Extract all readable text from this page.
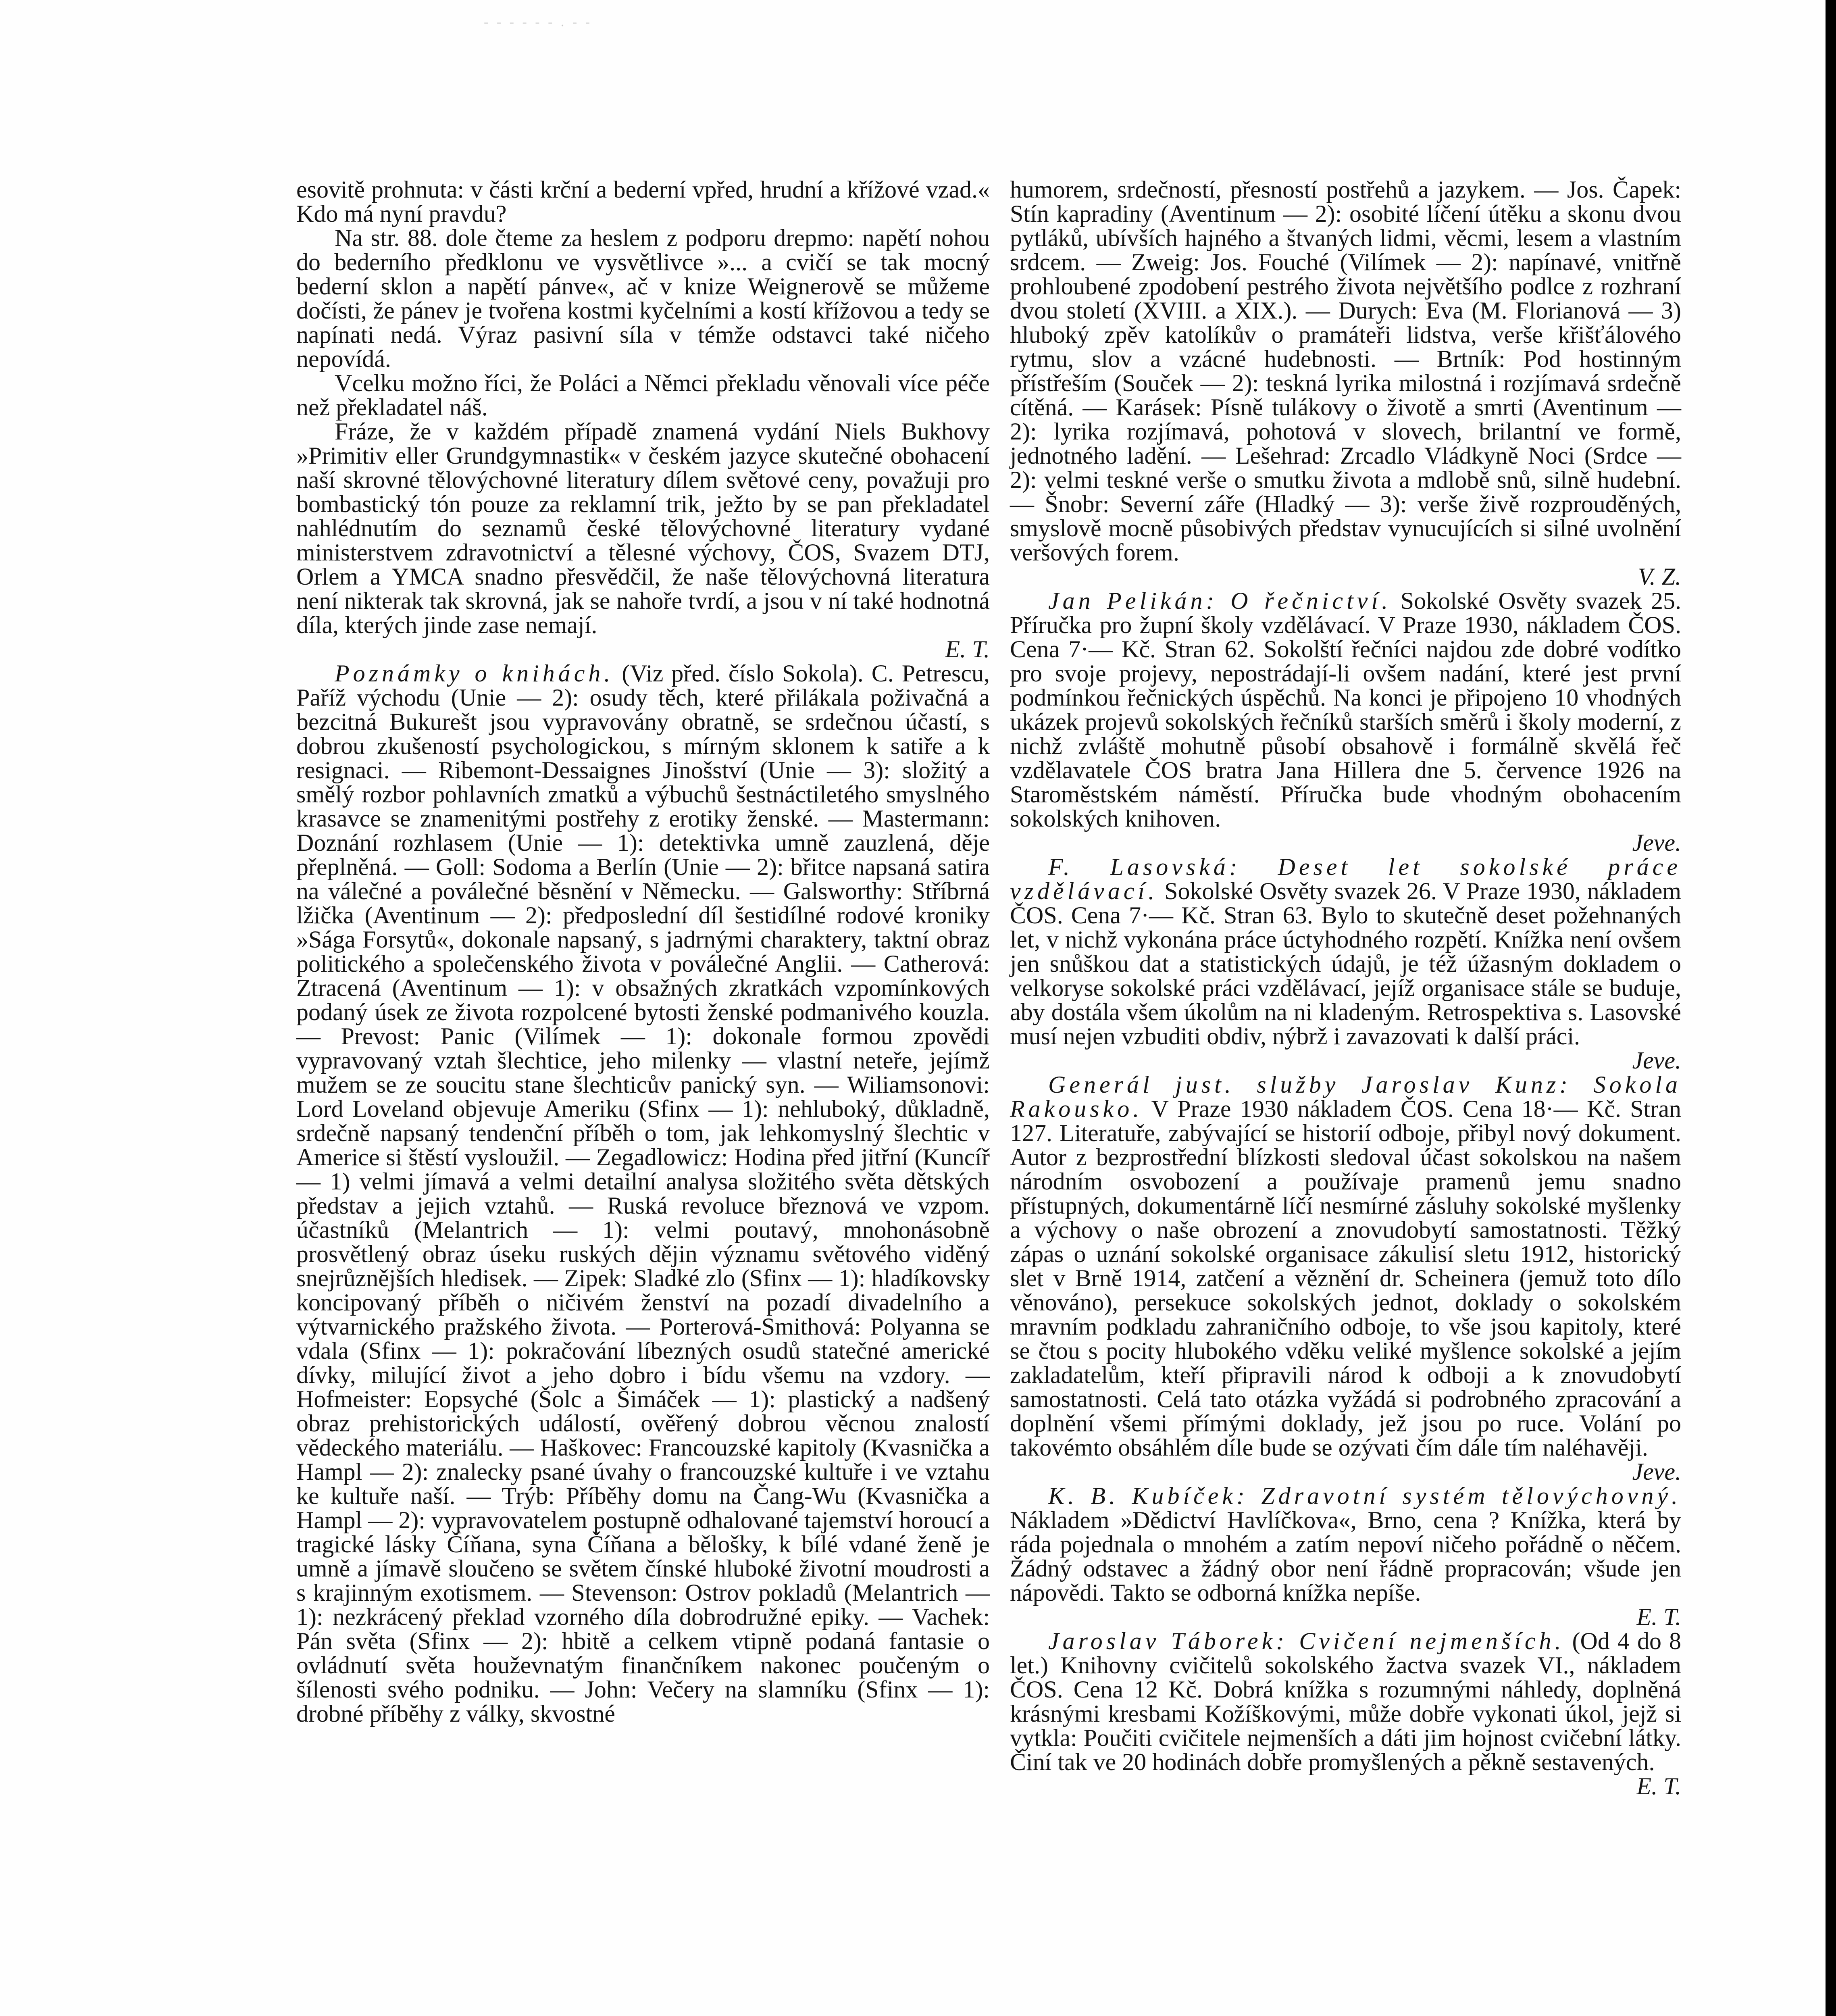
- - - - - - . - -

esovitě prohnuta: v části krční a bederní vpřed, hrudní a křížové vzad.« Kdo má nyní pravdu?

Na str. 88. dole čteme za heslem z podporu drepmo: napětí nohou do bederního předklonu ve vysvětlivce »... a cvičí se tak mocný bederní sklon a napětí pánve«, ač v knize Weignerově se můžeme dočísti, že pánev je tvořena kostmi kyčelními a kostí křížovou a tedy se napínati nedá. Výraz pasivní síla v témže odstavci také ničeho nepovídá.

Vcelku možno říci, že Poláci a Němci překladu věnovali více péče než překladatel náš.

Fráze, že v každém případě znamená vydání Niels Bukhovy »Primitiv eller Grundgymnastik« v českém jazyce skutečné obohacení naší skrovné tělovýchovné literatury dílem světové ceny, považuji pro bombastický tón pouze za reklamní trik, ježto by se pan překladatel nahlédnutím do seznamů české tělovýchovné literatury vydané ministerstvem zdravotnictví a tělesné výchovy, ČOS, Svazem DTJ, Orlem a YMCA snadno přesvědčil, že naše tělovýchovná literatura není nikterak tak skrovná, jak se nahoře tvrdí, a jsou v ní také hodnotná díla, kterých jinde zase nemají.

E. T.

Poznámky o knihách. (Viz před. číslo Sokola). C. Petrescu, Paříž východu (Unie — 2): osudy těch, které přilákala poživačná a bezcitná Bukurešt jsou vypravovány obratně, se srdečnou účastí, s dobrou zkušeností psychologickou, s mírným sklonem k satiře a k resignaci. — Ribemont-Dessaignes Jinošství (Unie — 3): složitý a smělý rozbor pohlavních zmatků a výbuchů šestnáctiletého smyslného krasavce se znamenitými postřehy z erotiky ženské. — Mastermann: Doznání rozhlasem (Unie — 1): detektivka umně zauzlená, děje přeplněná. — Goll: Sodoma a Berlín (Unie — 2): břitce napsaná satira na válečné a poválečné běsnění v Německu. — Galsworthy: Stříbrná lžička (Aventinum — 2): předposlední díl šestidílné rodové kroniky »Sága Forsytů«, dokonale napsaný, s jadrnými charaktery, taktní obraz politického a společenského života v poválečné Anglii. — Catherová: Ztracená (Aventinum — 1): v obsažných zkratkách vzpomínkových podaný úsek ze života rozpolcené bytosti ženské podmanivého kouzla. — Prevost: Panic (Vilímek — 1): dokonale formou zpovědi vypravovaný vztah šlechtice, jeho milenky — vlastní neteře, jejímž mužem se ze soucitu stane šlechticův panický syn. — Wiliamsonovi: Lord Loveland objevuje Ameriku (Sfinx — 1): nehluboký, důkladně, srdečně napsaný tendenční příběh o tom, jak lehkomyslný šlechtic v Americe si štěstí vysloužil. — Zegadlowicz: Hodina před jitřní (Kuncíř — 1) velmi jímavá a velmi detailní analysa složitého světa dětských představ a jejich vztahů. — Ruská revoluce březnová ve vzpom. účastníků (Melantrich — 1): velmi poutavý, mnohonásobně prosvětlený obraz úseku ruských dějin významu světového viděný snejrůznějších hledisek. — Zipek: Sladké zlo (Sfinx — 1): hladíkovsky koncipovaný příběh o ničivém ženství na pozadí divadelního a výtvarnického pražského života. — Porterová-Smithová: Polyanna se vdala (Sfinx — 1): pokračování líbezných osudů statečné americké dívky, milující život a jeho dobro i bídu všemu na vzdory. — Hofmeister: Eopsyché (Šolc a Šimáček — 1): plastický a nadšený obraz prehistorických událostí, ověřený dobrou věcnou znalostí vědeckého materiálu. — Haškovec: Francouzské kapitoly (Kvasnička a Hampl — 2): znalecky psané úvahy o francouzské kultuře i ve vztahu ke kultuře naší. — Trýb: Příběhy domu na Čang-Wu (Kvasnička a Hampl — 2): vypravovatelem postupně odhalované tajemství horoucí a tragické lásky Číňana, syna Číňana a bělošky, k bílé vdané ženě je umně a jímavě sloučeno se světem čínské hluboké životní moudrosti a s krajinným exotismem. — Stevenson: Ostrov pokladů (Melantrich — 1): nezkrácený překlad vzorného díla dobrodružné epiky. — Vachek: Pán světa (Sfinx — 2): hbitě a celkem vtipně podaná fantasie o ovládnutí světa houževnatým finančníkem nakonec poučeným o šílenosti svého podniku. — John: Večery na slamníku (Sfinx — 1): drobné příběhy z války, skvostné

humorem, srdečností, přesností postřehů a jazykem. — Jos. Čapek: Stín kapradiny (Aventinum — 2): osobité líčení útěku a skonu dvou pytláků, ubívších hajného a štvaných lidmi, věcmi, lesem a vlastním srdcem. — Zweig: Jos. Fouché (Vilímek — 2): napínavé, vnitřně prohloubené zpodobení pestrého života největšího podlce z rozhraní dvou století (XVIII. a XIX.). — Durych: Eva (M. Florianová — 3) hluboký zpěv katolíkův o pramáteři lidstva, verše křišťálového rytmu, slov a vzácné hudebnosti. — Brtník: Pod hostinným přístřeším (Souček — 2): teskná lyrika milostná i rozjímavá srdečně cítěná. — Karásek: Písně tulákovy o životě a smrti (Aventinum — 2): lyrika rozjímavá, pohotová v slovech, brilantní ve formě, jednotného ladění. — Lešehrad: Zrcadlo Vládkyně Noci (Srdce — 2): velmi teskné verše o smutku života a mdlobě snů, silně hudební. — Šnobr: Severní záře (Hladký — 3): verše živě rozprouděných, smyslově mocně působivých představ vynucujících si silné uvolnění veršových forem.

V. Z.

Jan Pelikán: O řečnictví. Sokolské Osvěty svazek 25. Příručka pro župní školy vzdělávací. V Praze 1930, nákladem ČOS. Cena 7·— Kč. Stran 62. Sokolští řečníci najdou zde dobré vodítko pro svoje projevy, nepostrádají-li ovšem nadání, které jest první podmínkou řečnických úspěchů. Na konci je připojeno 10 vhodných ukázek projevů sokolských řečníků starších směrů i školy moderní, z nichž zvláště mohutně působí obsahově i formálně skvělá řeč vzdělavatele ČOS bratra Jana Hillera dne 5. července 1926 na Staroměstském náměstí. Příručka bude vhodným obohacením sokolských knihoven.

Jeve.

F. Lasovská: Deset let sokolské práce vzdělávací. Sokolské Osvěty svazek 26. V Praze 1930, nákladem ČOS. Cena 7·— Kč. Stran 63. Bylo to skutečně deset požehnaných let, v nichž vykonána práce úctyhodného rozpětí. Knížka není ovšem jen snůškou dat a statistických údajů, je též úžasným dokladem o velkoryse sokolské práci vzdělávací, jejíž organisace stále se buduje, aby dostála všem úkolům na ni kladeným. Retrospektiva s. Lasovské musí nejen vzbuditi obdiv, nýbrž i zavazovati k další práci.

Jeve.

Generál just. služby Jaroslav Kunz: Sokola Rakousko. V Praze 1930 nákladem ČOS. Cena 18·— Kč. Stran 127. Literatuře, zabývající se historií odboje, přibyl nový dokument. Autor z bezprostřední blízkosti sledoval účast sokolskou na našem národním osvobození a používaje pramenů jemu snadno přístupných, dokumentárně líčí nesmírné zásluhy sokolské myšlenky a výchovy o naše obrození a znovudobytí samostatnosti. Těžký zápas o uznání sokolské organisace zákulisí sletu 1912, historický slet v Brně 1914, zatčení a věznění dr. Scheinera (jemuž toto dílo věnováno), persekuce sokolských jednot, doklady o sokolském mravním podkladu zahraničního odboje, to vše jsou kapitoly, které se čtou s pocity hlubokého vděku veliké myšlence sokolské a jejím zakladatelům, kteří připravili národ k odboji a k znovudobytí samostatnosti. Celá tato otázka vyžádá si podrobného zpracování a doplnění všemi přímými doklady, jež jsou po ruce. Volání po takovémto obsáhlém díle bude se ozývati čím dále tím naléhavěji.

Jeve.

K. B. Kubíček: Zdravotní systém tělovýchovný. Nákladem »Dědictví Havlíčkova«, Brno, cena ? Knížka, která by ráda pojednala o mnohém a zatím nepoví ničeho pořádně o něčem. Žádný odstavec a žádný obor není řádně propracován; všude jen nápovědi. Takto se odborná knížka nepíše.

E. T.

Jaroslav Táborek: Cvičení nejmenších. (Od 4 do 8 let.) Knihovny cvičitelů sokolského žactva svazek VI., nákladem ČOS. Cena 12 Kč. Dobrá knížka s rozumnými náhledy, doplněná krásnými kresbami Kožíškovými, může dobře vykonati úkol, jejž si vytkla: Poučiti cvičitele nejmenších a dáti jim hojnost cvičební látky. Činí tak ve 20 hodinách dobře promyšlených a pěkně sestavených.

E. T.
